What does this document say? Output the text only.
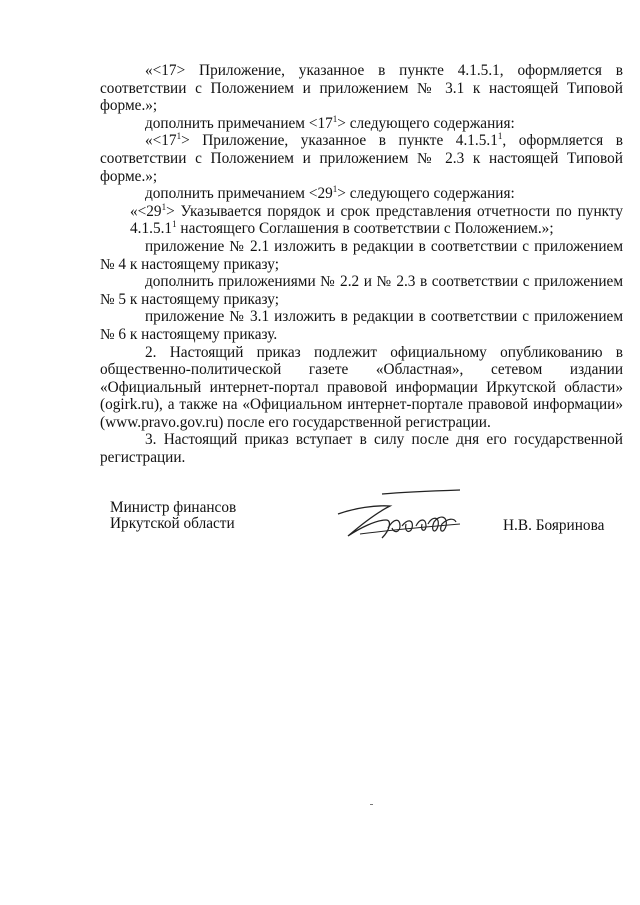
«<17> Приложение, указанное в пункте 4.1.5.1, оформляется в соответствии с Положением и приложением № 3.1 к настоящей Типовой форме.»;

дополнить примечанием $<17^1>$ следующего содержания:

«$<17^1>$ Приложение, указанное в пункте 4.1.5.1$^1$, оформляется в соответствии с Положением и приложением № 2.3 к настоящей Типовой форме.»;

дополнить примечанием $<29^1>$ следующего содержания:

«$<29^1>$ Указывается порядок и срок представления отчетности по пункту 4.1.5.1$^1$ настоящего Соглашения в соответствии с Положением.»;

приложение № 2.1 изложить в редакции в соответствии с приложением № 4 к настоящему приказу;

дополнить приложениями № 2.2 и № 2.3 в соответствии с приложением № 5 к настоящему приказу;

приложение № 3.1 изложить в редакции в соответствии с приложением № 6 к настоящему приказу.

2. Настоящий приказ подлежит официальному опубликованию в общественно-политической газете «Областная», сетевом издании «Официальный интернет-портал правовой информации Иркутской области» (ogirk.ru), а также на «Официальном интернет-портале правовой информации» (www.pravo.gov.ru) после его государственной регистрации.

3. Настоящий приказ вступает в силу после дня его государственной регистрации.

Министр финансов
Иркутской области	Н.В. Бояринова
